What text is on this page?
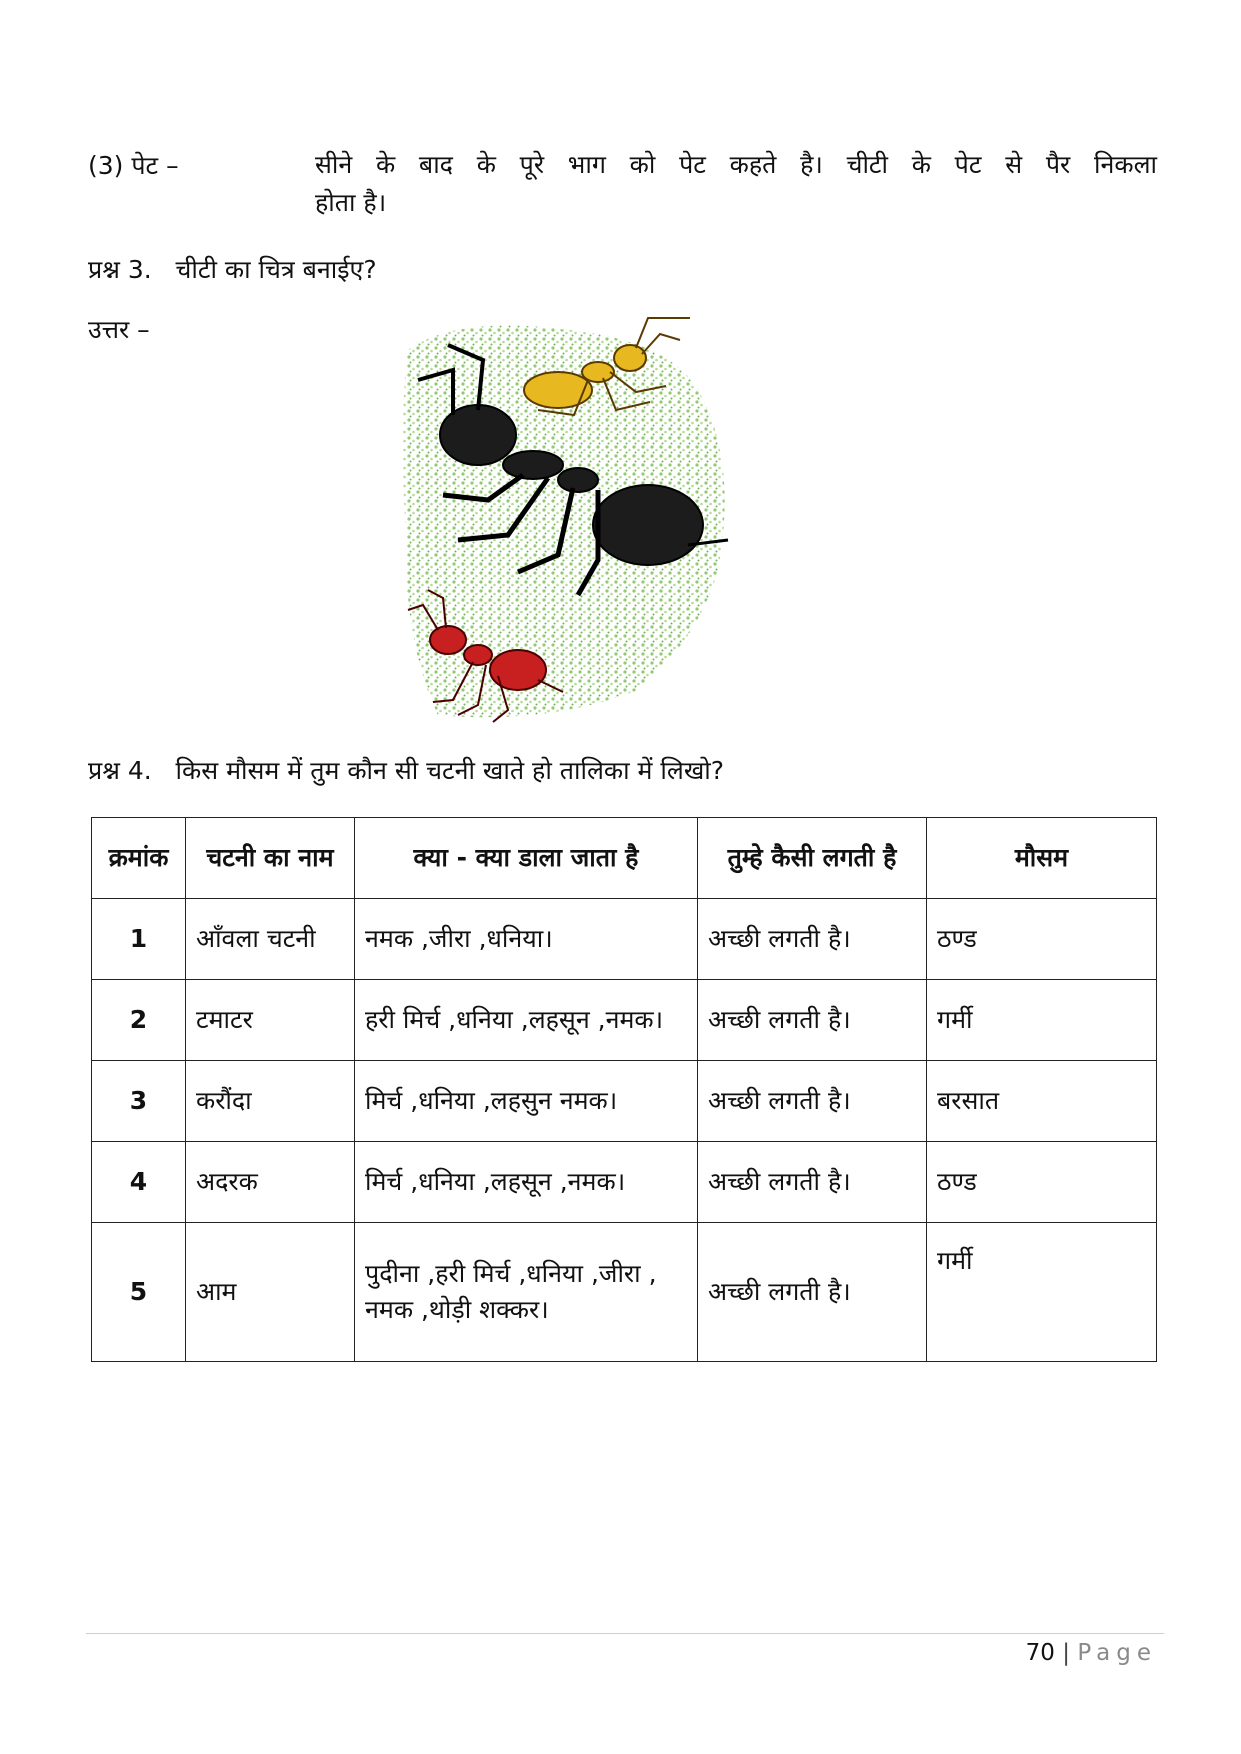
(3) पेट –	सीने के बाद के पूरे भाग को पेट कहते है। चीटी के पेट से पैर निकला
होता है।
प्रश्न 3. चीटी का चित्र बनाईए?
उत्तर –
प्रश्न 4. किस मौसम में तुम कौन सी चटनी खाते हो तालिका में लिखो?
क्रमांक	चटनी का नाम	क्या - क्या डाला जाता है	तुम्हे कैसी लगती है	मौसम
1	आँवला चटनी	नमक ,जीरा ,धनिया।	अच्छी लगती है।	ठण्ड
2	टमाटर	हरी मिर्च ,धनिया ,लहसून ,नमक।	अच्छी लगती है।	गर्मी
3	करौंदा	मिर्च ,धनिया ,लहसुन नमक।	अच्छी लगती है।	बरसात
4	अदरक	मिर्च ,धनिया ,लहसून ,नमक।	अच्छी लगती है।	ठण्ड
5	आम	पुदीना ,हरी मिर्च ,धनिया ,जीरा ,
नमक ,थोड़ी शक्कर।	अच्छी लगती है।	गर्मी
70 | Page
